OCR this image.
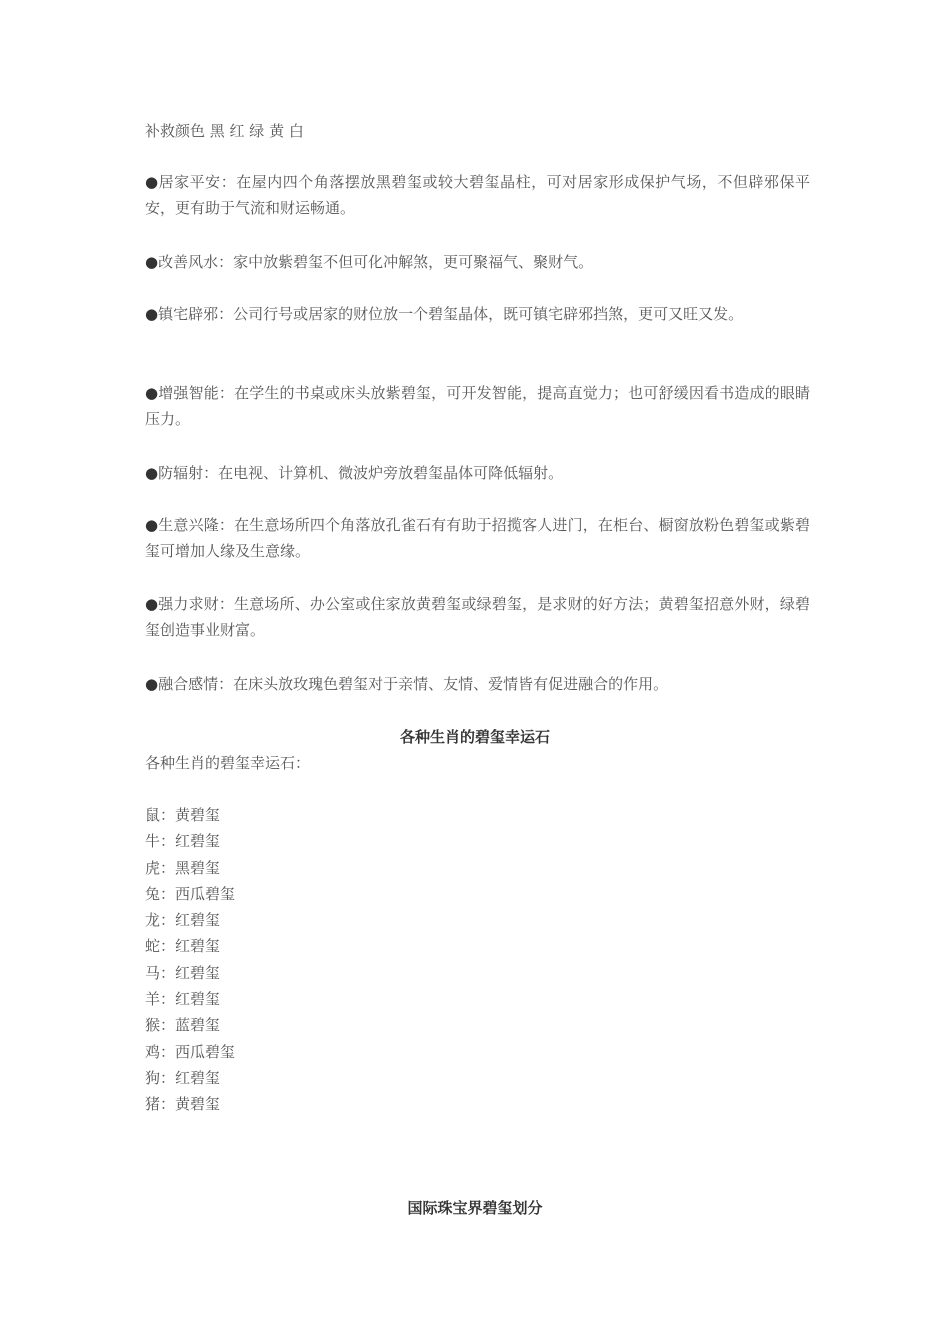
补救颜色 黑 红 绿 黄 白
●居家平安：在屋内四个角落摆放黑碧玺或较大碧玺晶柱，可对居家形成保护气场，不但辟邪保平安，更有助于气流和财运畅通。
●改善风水：家中放紫碧玺不但可化冲解煞，更可聚福气、聚财气。
●镇宅辟邪：公司行号或居家的财位放一个碧玺晶体，既可镇宅辟邪挡煞，更可又旺又发。
●增强智能：在学生的书桌或床头放紫碧玺，可开发智能，提高直觉力；也可舒缓因看书造成的眼睛压力。
●防辐射：在电视、计算机、微波炉旁放碧玺晶体可降低辐射。
●生意兴隆：在生意场所四个角落放孔雀石有有助于招揽客人进门，在柜台、橱窗放粉色碧玺或紫碧玺可增加人缘及生意缘。
●强力求财：生意场所、办公室或住家放黄碧玺或绿碧玺，是求财的好方法；黄碧玺招意外财，绿碧玺创造事业财富。
●融合感情：在床头放玫瑰色碧玺对于亲情、友情、爱情皆有促进融合的作用。
各种生肖的碧玺幸运石
各种生肖的碧玺幸运石：
鼠：黄碧玺
牛：红碧玺
虎：黑碧玺
兔：西瓜碧玺
龙：红碧玺
蛇：红碧玺
马：红碧玺
羊：红碧玺
猴：蓝碧玺
鸡：西瓜碧玺
狗：红碧玺
猪：黄碧玺
国际珠宝界碧玺划分
